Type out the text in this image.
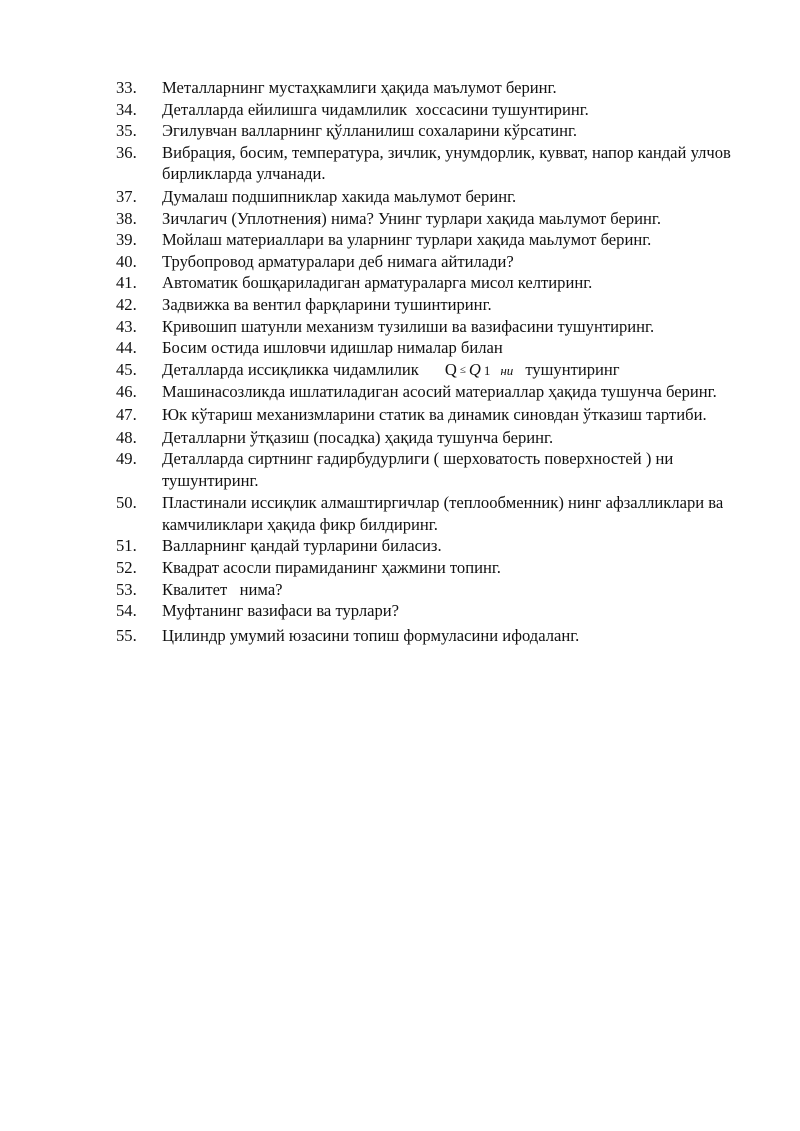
33.	Металларнинг мустаҳкамлиги ҳақида маълумот беринг.
34.	Деталларда ейилишга чидамлилик  хоссасини тушунтиринг.
35.	Эгилувчан валларнинг қўлланилиш сохаларини кўрсатинг.
36.	Вибрация, босим, температура, зичлик, унумдорлик, кувват, напор кандай улчов бирликларда улчанади.
37.	Думалаш подшипниклар хакида маьлумот беринг.
38.	Зичлагич (Уплотнения) нима? Унинг турлари хақида маьлумот беринг.
39.	Мойлаш материаллари ва уларнинг турлари хақида маьлумот беринг.
40.	Трубопровод арматуралари деб нимага айтилади?
41.	Автоматик бошқариладиган арматураларга мисол келтиринг.
42.	Задвижка ва вентил фарқларини тушинтиринг.
43.	Кривошип шатунли механизм тузилиши ва вазифасини тушунтиринг.
44.	Босим остида ишловчи идишлар нималар билан
45.	Деталларда иссиқликка чидамлилик Q ≤ Q 1 ни тушунтиринг
46.	Машинасозликда ишлатиладиган асосий материаллар ҳақида тушунча беринг.
47.	Юк кўтариш механизмларини статик ва динамик синовдан ўтказиш тартиби.
48.	Деталларни ўтқазиш (посадка) ҳақида тушунча беринг.
49.	Деталларда сиртнинг ғадирбудурлиги ( шерховатость поверхностей ) ни тушунтиринг.
50.	Пластинали иссиқлик алмаштиргичлар (теплообменник) нинг афзалликлари ва камчиликлари ҳақида фикр билдиринг.
51.	Валларнинг қандай турларини биласиз.
52.	Квадрат асосли пирамиданинг ҳажмини топинг.
53.	Квалитет   нима?
54.	Муфтанинг вазифаси ва турлари?
55.	Цилиндр умумий юзасини топиш формуласини ифодаланг.
